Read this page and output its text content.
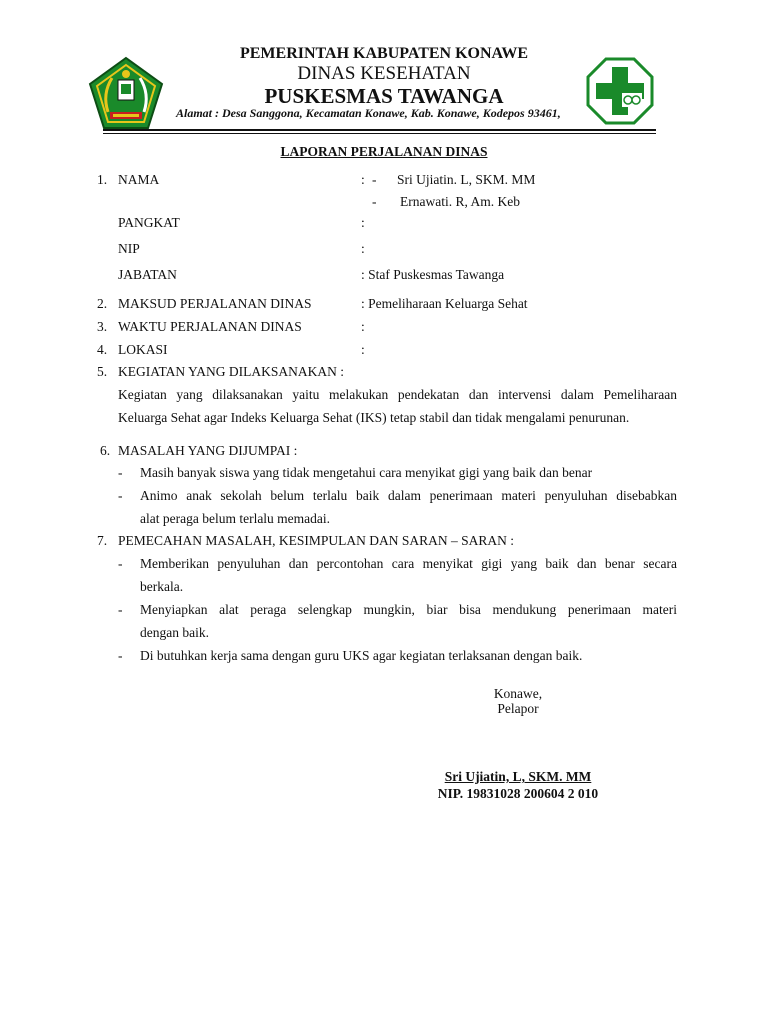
PEMERINTAH KABUPATEN KONAWE
DINAS KESEHATAN
PUSKESMAS TAWANGA
Alamat : Desa Sanggona, Kecamatan Konawe, Kab. Konawe, Kodepos 93461,
LAPORAN PERJALANAN DINAS
1. NAMA	: - Sri Ujiatin. L, SKM. MM
- Ernawati. R, Am. Keb
PANGKAT	:
NIP	:
JABATAN	: Staf Puskesmas Tawanga
2. MAKSUD PERJALANAN DINAS	: Pemeliharaan Keluarga Sehat
3. WAKTU PERJALANAN DINAS	:
4. LOKASI	:
5. KEGIATAN YANG DILAKSANAKAN :
Kegiatan yang dilaksanakan yaitu melakukan pendekatan dan intervensi dalam Pemeliharaan
Keluarga Sehat agar Indeks Keluarga Sehat (IKS) tetap stabil dan tidak mengalami penurunan.
6. MASALAH YANG DIJUMPAI :
- Masih banyak siswa yang tidak mengetahui cara menyikat gigi yang baik dan benar
- Animo anak sekolah belum terlalu baik dalam penerimaan materi penyuluhan disebabkan
alat peraga belum terlalu memadai.
7. PEMECAHAN MASALAH, KESIMPULAN DAN SARAN – SARAN :
- Memberikan penyuluhan dan percontohan cara menyikat gigi yang baik dan benar secara
berkala.
- Menyiapkan alat peraga selengkap mungkin, biar bisa mendukung penerimaan materi
dengan baik.
- Di butuhkan kerja sama dengan guru UKS agar kegiatan terlaksanan dengan baik.
Konawe,
Pelapor
Sri Ujiatin, L, SKM. MM
NIP. 19831028 200604 2 010
